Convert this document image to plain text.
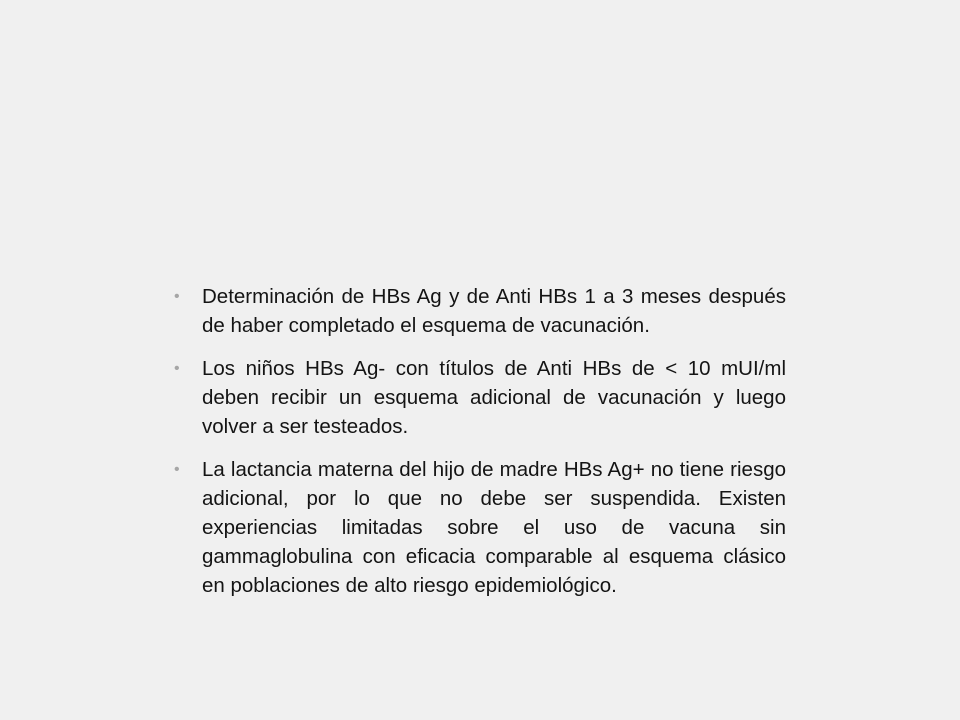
•	Determinación de HBs Ag y de Anti HBs 1 a 3 meses después de haber completado el esquema de vacunación.
•	Los niños HBs Ag- con títulos de Anti HBs de < 10 mUI/ml deben recibir un esquema adicional de vacunación y luego volver a ser testeados.
•	La lactancia materna del hijo de madre HBs Ag+ no tiene riesgo adicional, por lo que no debe ser suspendida. Existen experiencias limitadas sobre el uso de vacuna sin gammaglobulina con eficacia comparable al esquema clásico en poblaciones de alto riesgo epidemiológico.
